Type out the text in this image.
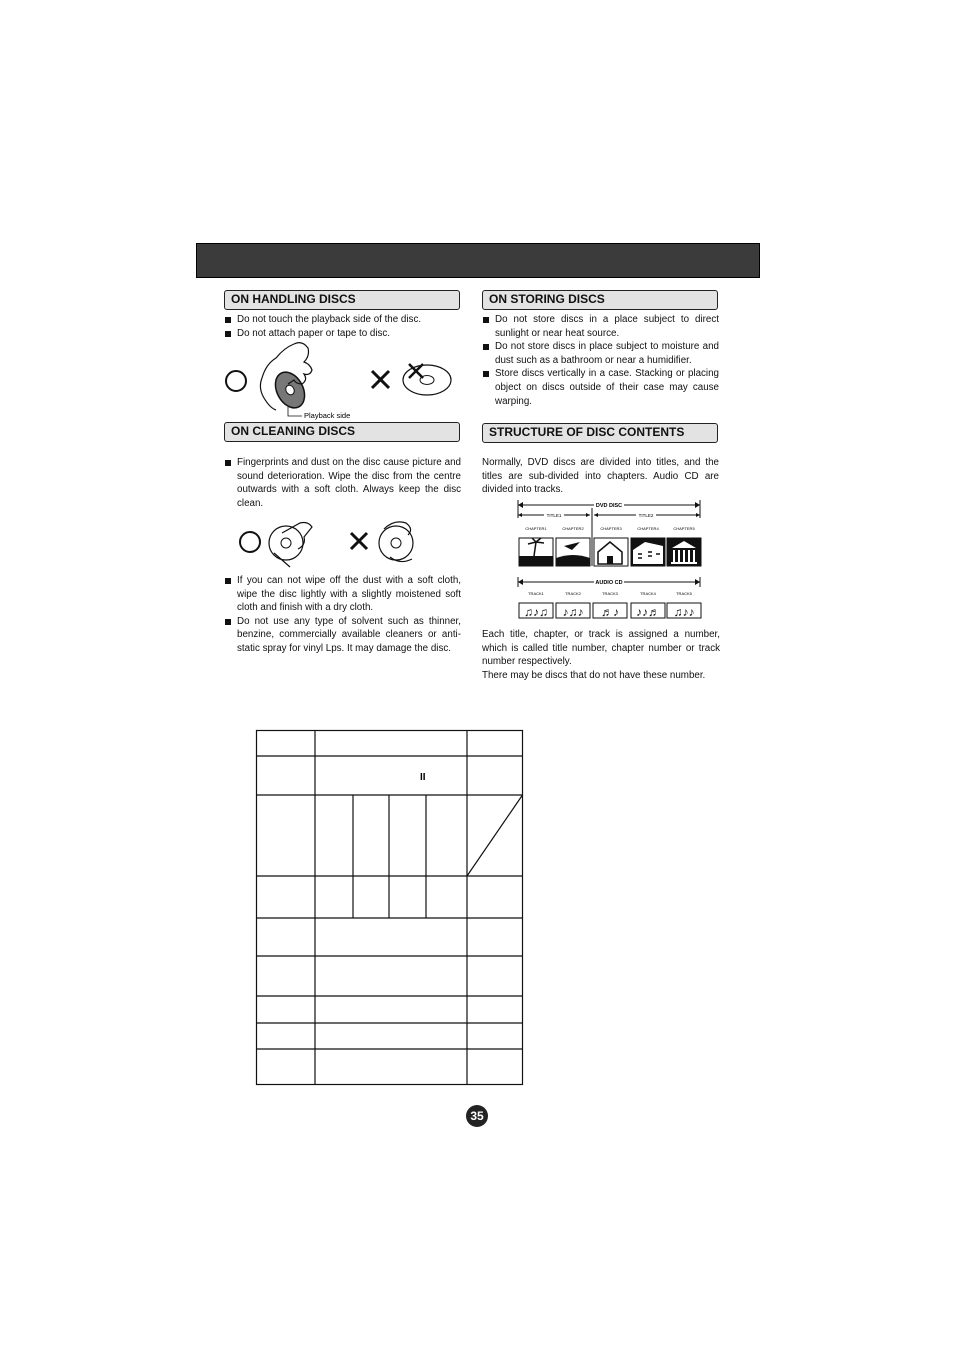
ON HANDLING DISCS
Do not touch the playback side of the disc.
Do not attach paper or tape to disc.
Playback side
ON CLEANING DISCS
Fingerprints and dust on the disc cause picture and sound deterioration. Wipe the disc from the centre outwards with a soft cloth. Always keep the disc clean.
If you can not wipe off the dust with a soft cloth, wipe the disc lightly with a slightly moistened soft cloth and finish with a dry cloth.
Do not use any type of solvent such as thinner, benzine, commercially available cleaners or anti-static spray for vinyl Lps. It may damage the disc.
ON STORING DISCS
Do not store discs in a place subject to direct sunlight or near heat source.
Do not store discs in place subject to moisture and dust such as a bathroom or near a humidifier.
Store discs vertically in a case. Stacking or placing object on discs outside of their case may cause warping.
STRUCTURE OF DISC CONTENTS

Normally, DVD discs are divided into titles, and the titles are sub-divided into chapters. Audio CD are divided into tracks.

DVD DISC
TITLE1	TITLE2
CHAPTER1	CHAPTER2	CHAPTER3	CHAPTER4	CHAPTER5
AUDIO CD
TRACK1	TRACK2	TRACK3	TRACK4	TRACK5
♫♪♫ ♪♫♪ ♬♪ ♪♪♬ ♫♪♪

Each title, chapter, or track is assigned a number, which is called title number, chapter number or track number respectively.

There may be discs that do not have these number.

II
35
